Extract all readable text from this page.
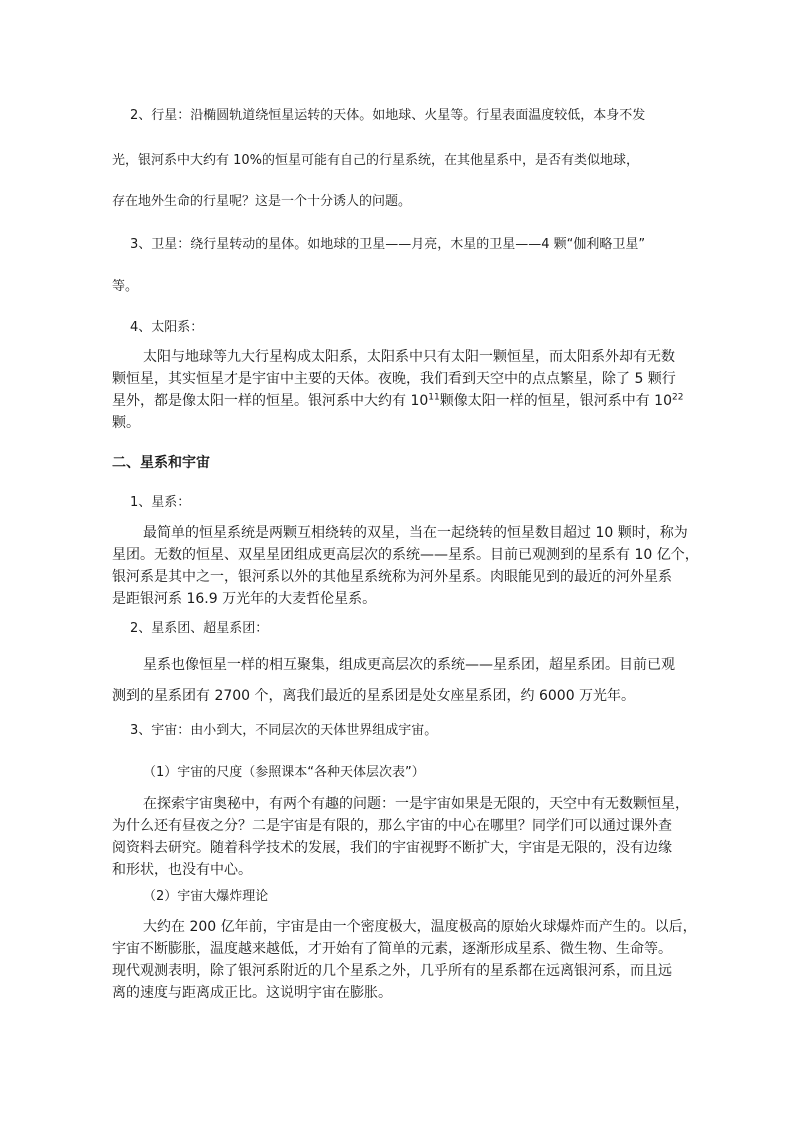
2、行星：沿椭圆轨道绕恒星运转的天体。如地球、火星等。行星表面温度较低，本身不发
光，银河系中大约有 10%的恒星可能有自己的行星系统，在其他星系中，是否有类似地球，
存在地外生命的行星呢？这是一个十分诱人的问题。
3、卫星：绕行星转动的星体。如地球的卫星——月亮，木星的卫星——4 颗“伽利略卫星”
等。
4、太阳系：
太阳与地球等九大行星构成太阳系，太阳系中只有太阳一颗恒星，而太阳系外却有无数
颗恒星，其实恒星才是宇宙中主要的天体。夜晚，我们看到天空中的点点繁星，除了 5 颗行
星外，都是像太阳一样的恒星。银河系中大约有 $10^{11}$颗像太阳一样的恒星，银河系中有 $10^{22}$
颗。
二、星系和宇宙
1、星系：
最简单的恒星系统是两颗互相绕转的双星，当在一起绕转的恒星数目超过 10 颗时，称为
星团。无数的恒星、双星星团组成更高层次的系统——星系。目前已观测到的星系有 10 亿个，
银河系是其中之一，银河系以外的其他星系统称为河外星系。肉眼能见到的最近的河外星系
是距银河系 16.9 万光年的大麦哲伦星系。
2、星系团、超星系团：
星系也像恒星一样的相互聚集，组成更高层次的系统——星系团，超星系团。目前已观
测到的星系团有 2700 个，离我们最近的星系团是处女座星系团，约 6000 万光年。
3、宇宙：由小到大，不同层次的天体世界组成宇宙。
（1）宇宙的尺度（参照课本“各种天体层次表”）
在探索宇宙奥秘中，有两个有趣的问题：一是宇宙如果是无限的，天空中有无数颗恒星，
为什么还有昼夜之分？二是宇宙是有限的，那么宇宙的中心在哪里？同学们可以通过课外查
阅资料去研究。随着科学技术的发展，我们的宇宙视野不断扩大，宇宙是无限的，没有边缘
和形状，也没有中心。
（2）宇宙大爆炸理论
大约在 200 亿年前，宇宙是由一个密度极大，温度极高的原始火球爆炸而产生的。以后，
宇宙不断膨胀，温度越来越低，才开始有了简单的元素，逐渐形成星系、微生物、生命等。
现代观测表明，除了银河系附近的几个星系之外，几乎所有的星系都在远离银河系，而且远
离的速度与距离成正比。这说明宇宙在膨胀。
